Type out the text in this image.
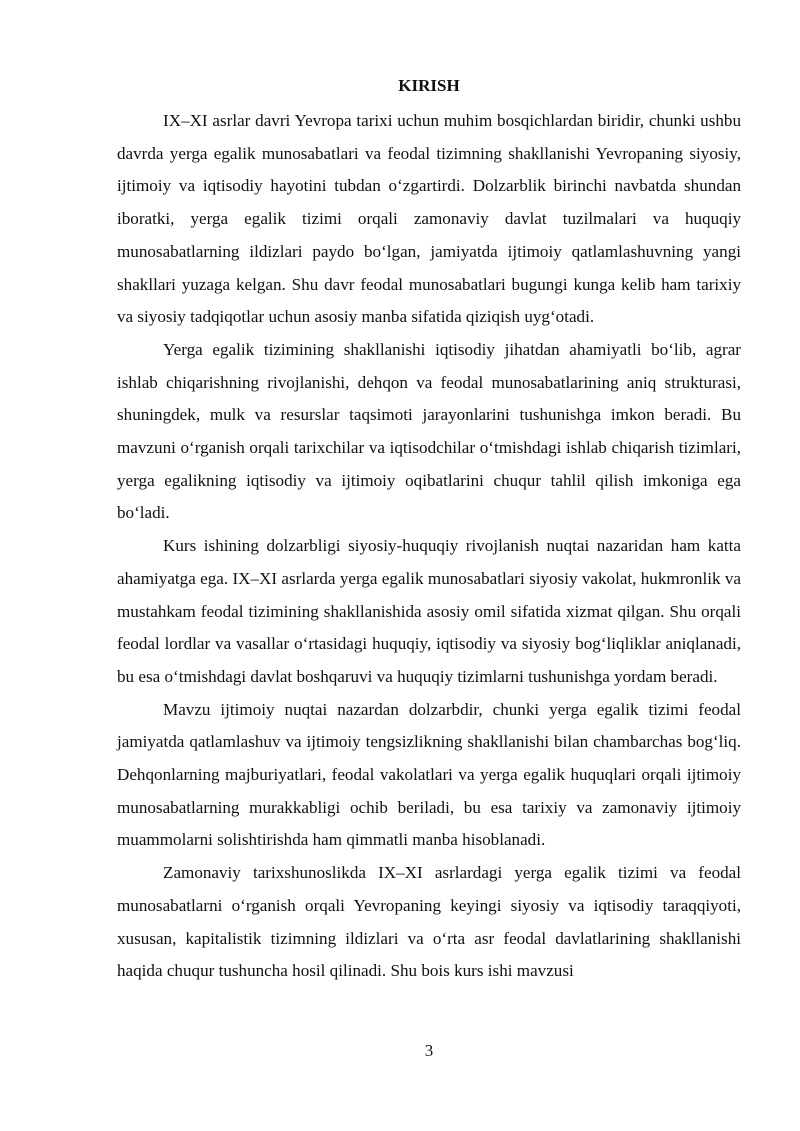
KIRISH

IX–XI asrlar davri Yevropa tarixi uchun muhim bosqichlardan biridir, chunki ushbu davrda yerga egalik munosabatlari va feodal tizimning shakllanishi Yevropaning siyosiy, ijtimoiy va iqtisodiy hayotini tubdan o‘zgartirdi. Dolzarblik birinchi navbatda shundan iboratki, yerga egalik tizimi orqali zamonaviy davlat tuzilmalari va huquqiy munosabatlarning ildizlari paydo bo‘lgan, jamiyatda ijtimoiy qatlamlashuvning yangi shakllari yuzaga kelgan. Shu davr feodal munosabatlari bugungi kunga kelib ham tarixiy va siyosiy tadqiqotlar uchun asosiy manba sifatida qiziqish uyg‘otadi.

Yerga egalik tizimining shakllanishi iqtisodiy jihatdan ahamiyatli bo‘lib, agrar ishlab chiqarishning rivojlanishi, dehqon va feodal munosabatlarining aniq strukturasi, shuningdek, mulk va resurslar taqsimoti jarayonlarini tushunishga imkon beradi. Bu mavzuni o‘rganish orqali tarixchilar va iqtisodchilar o‘tmishdagi ishlab chiqarish tizimlari, yerga egalikning iqtisodiy va ijtimoiy oqibatlarini chuqur tahlil qilish imkoniga ega bo‘ladi.

Kurs ishining dolzarbligi siyosiy-huquqiy rivojlanish nuqtai nazaridan ham katta ahamiyatga ega. IX–XI asrlarda yerga egalik munosabatlari siyosiy vakolat, hukmronlik va mustahkam feodal tizimining shakllanishida asosiy omil sifatida xizmat qilgan. Shu orqali feodal lordlar va vasallar o‘rtasidagi huquqiy, iqtisodiy va siyosiy bog‘liqliklar aniqlanadi, bu esa o‘tmishdagi davlat boshqaruvi va huquqiy tizimlarni tushunishga yordam beradi.

Mavzu ijtimoiy nuqtai nazardan dolzarbdir, chunki yerga egalik tizimi feodal jamiyatda qatlamlashuv va ijtimoiy tengsizlikning shakllanishi bilan chambarchas bog‘liq. Dehqonlarning majburiyatlari, feodal vakolatlari va yerga egalik huquqlari orqali ijtimoiy munosabatlarning murakkabligi ochib beriladi, bu esa tarixiy va zamonaviy ijtimoiy muammolarni solishtirishda ham qimmatli manba hisoblanadi.

Zamonaviy tarixshunoslikda IX–XI asrlardagi yerga egalik tizimi va feodal munosabatlarni o‘rganish orqali Yevropaning keyingi siyosiy va iqtisodiy taraqqiyoti, xususan, kapitalistik tizimning ildizlari va o‘rta asr feodal davlatlarining shakllanishi haqida chuqur tushuncha hosil qilinadi. Shu bois kurs ishi mavzusi

3
